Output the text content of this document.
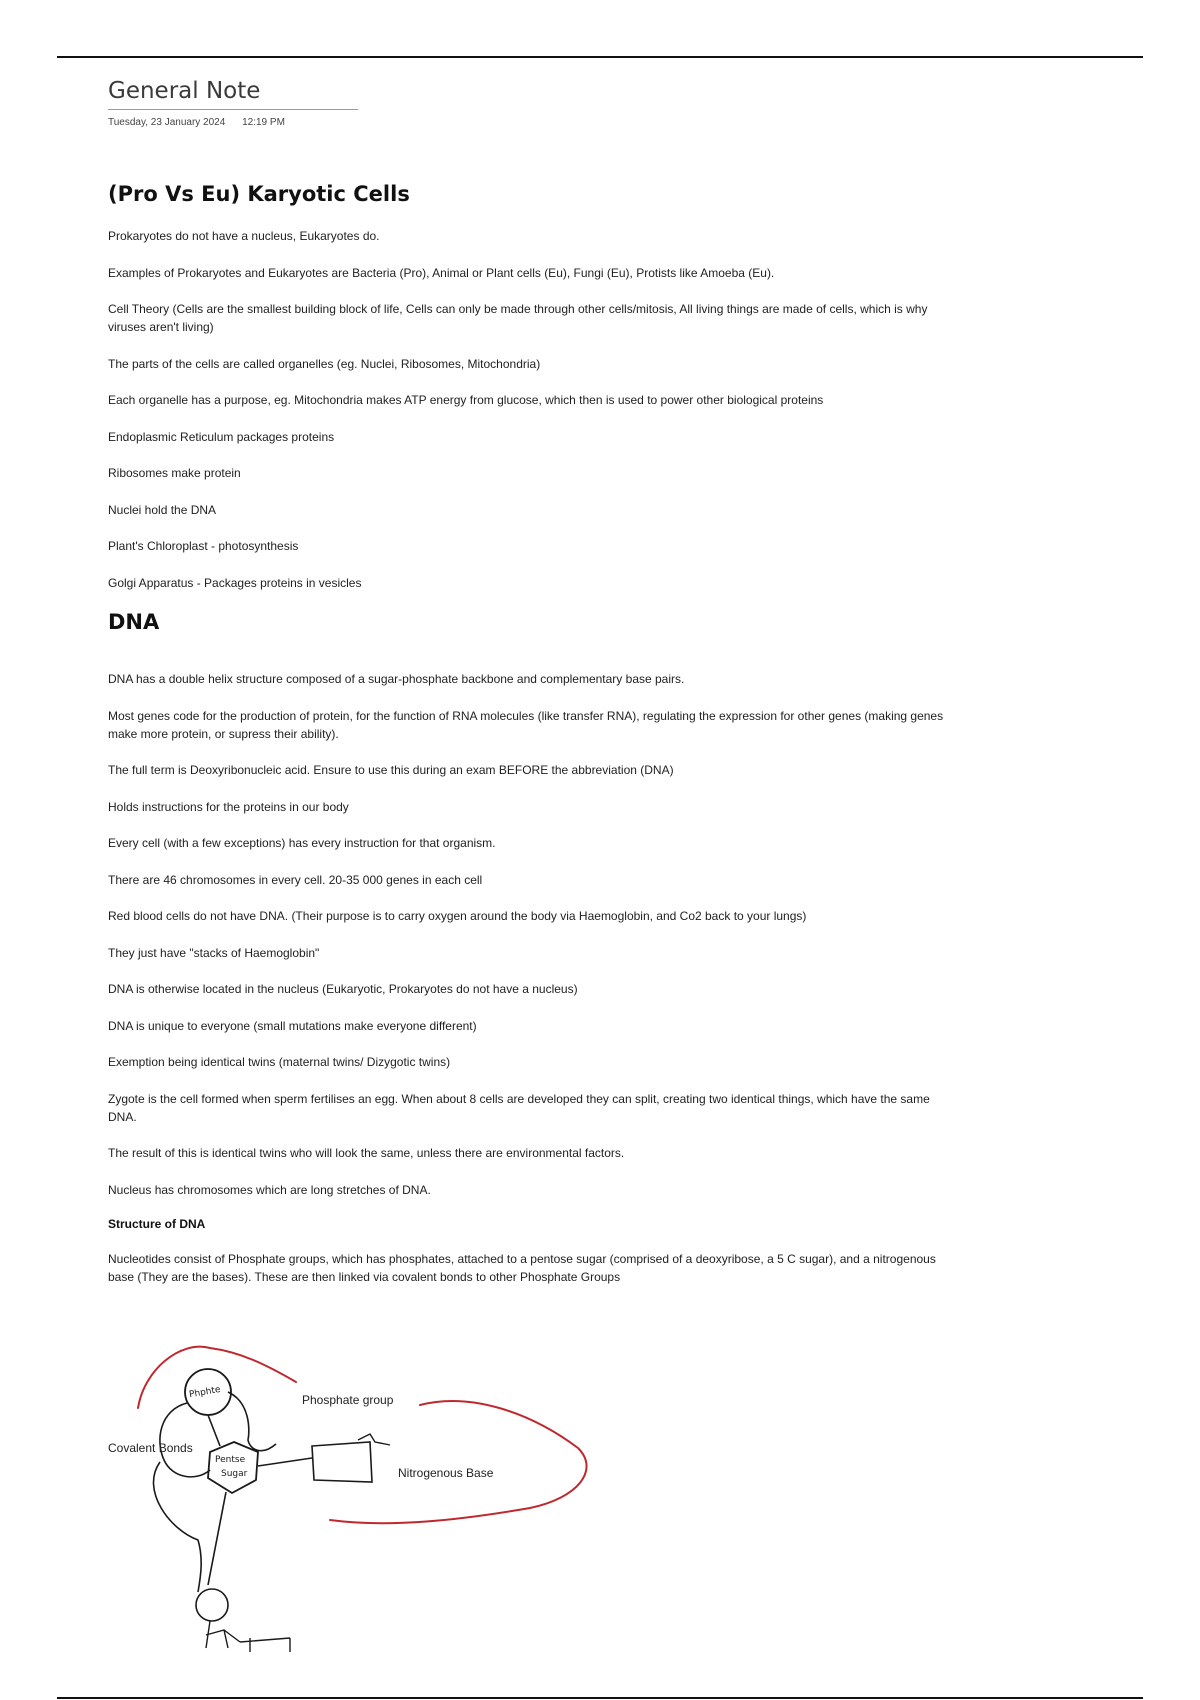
General Note
Tuesday, 23 January 2024 12:19 PM
(Pro Vs Eu) Karyotic Cells

Prokaryotes do not have a nucleus, Eukaryotes do.

Examples of Prokaryotes and Eukaryotes are Bacteria (Pro), Animal or Plant cells (Eu), Fungi (Eu), Protists like Amoeba (Eu).

Cell Theory (Cells are the smallest building block of life, Cells can only be made through other cells/mitosis, All living things are made of cells, which is why viruses aren't living)

The parts of the cells are called organelles (eg. Nuclei, Ribosomes, Mitochondria)

Each organelle has a purpose, eg. Mitochondria makes ATP energy from glucose, which then is used to power other biological proteins

Endoplasmic Reticulum packages proteins

Ribosomes make protein

Nuclei hold the DNA

Plant's Chloroplast - photosynthesis

Golgi Apparatus - Packages proteins in vesicles

DNA

DNA has a double helix structure composed of a sugar-phosphate backbone and complementary base pairs.

Most genes code for the production of protein, for the function of RNA molecules (like transfer RNA), regulating the expression for other genes (making genes make more protein, or supress their ability).

The full term is Deoxyribonucleic acid. Ensure to use this during an exam BEFORE the abbreviation (DNA)

Holds instructions for the proteins in our body

Every cell (with a few exceptions) has every instruction for that organism.

There are 46 chromosomes in every cell. 20-35 000 genes in each cell

Red blood cells do not have DNA. (Their purpose is to carry oxygen around the body via Haemoglobin, and Co2 back to your lungs)

They just have "stacks of Haemoglobin"

DNA is otherwise located in the nucleus (Eukaryotic, Prokaryotes do not have a nucleus)

DNA is unique to everyone (small mutations make everyone different)

Exemption being identical twins (maternal twins/ Dizygotic twins)

Zygote is the cell formed when sperm fertilises an egg. When about 8 cells are developed they can split, creating two identical things, which have the same DNA.

The result of this is identical twins who will look the same, unless there are environmental factors.

Nucleus has chromosomes which are long stretches of DNA.

Structure of DNA

Nucleotides consist of Phosphate groups, which has phosphates, attached to a pentose sugar (comprised of a deoxyribose, a 5 C sugar), and a nitrogenous base (They are the bases). These are then linked via covalent bonds to other Phosphate Groups

Phphte
Pentse
Sugar
Phosphate group
Covalent Bonds
Nitrogenous Base
